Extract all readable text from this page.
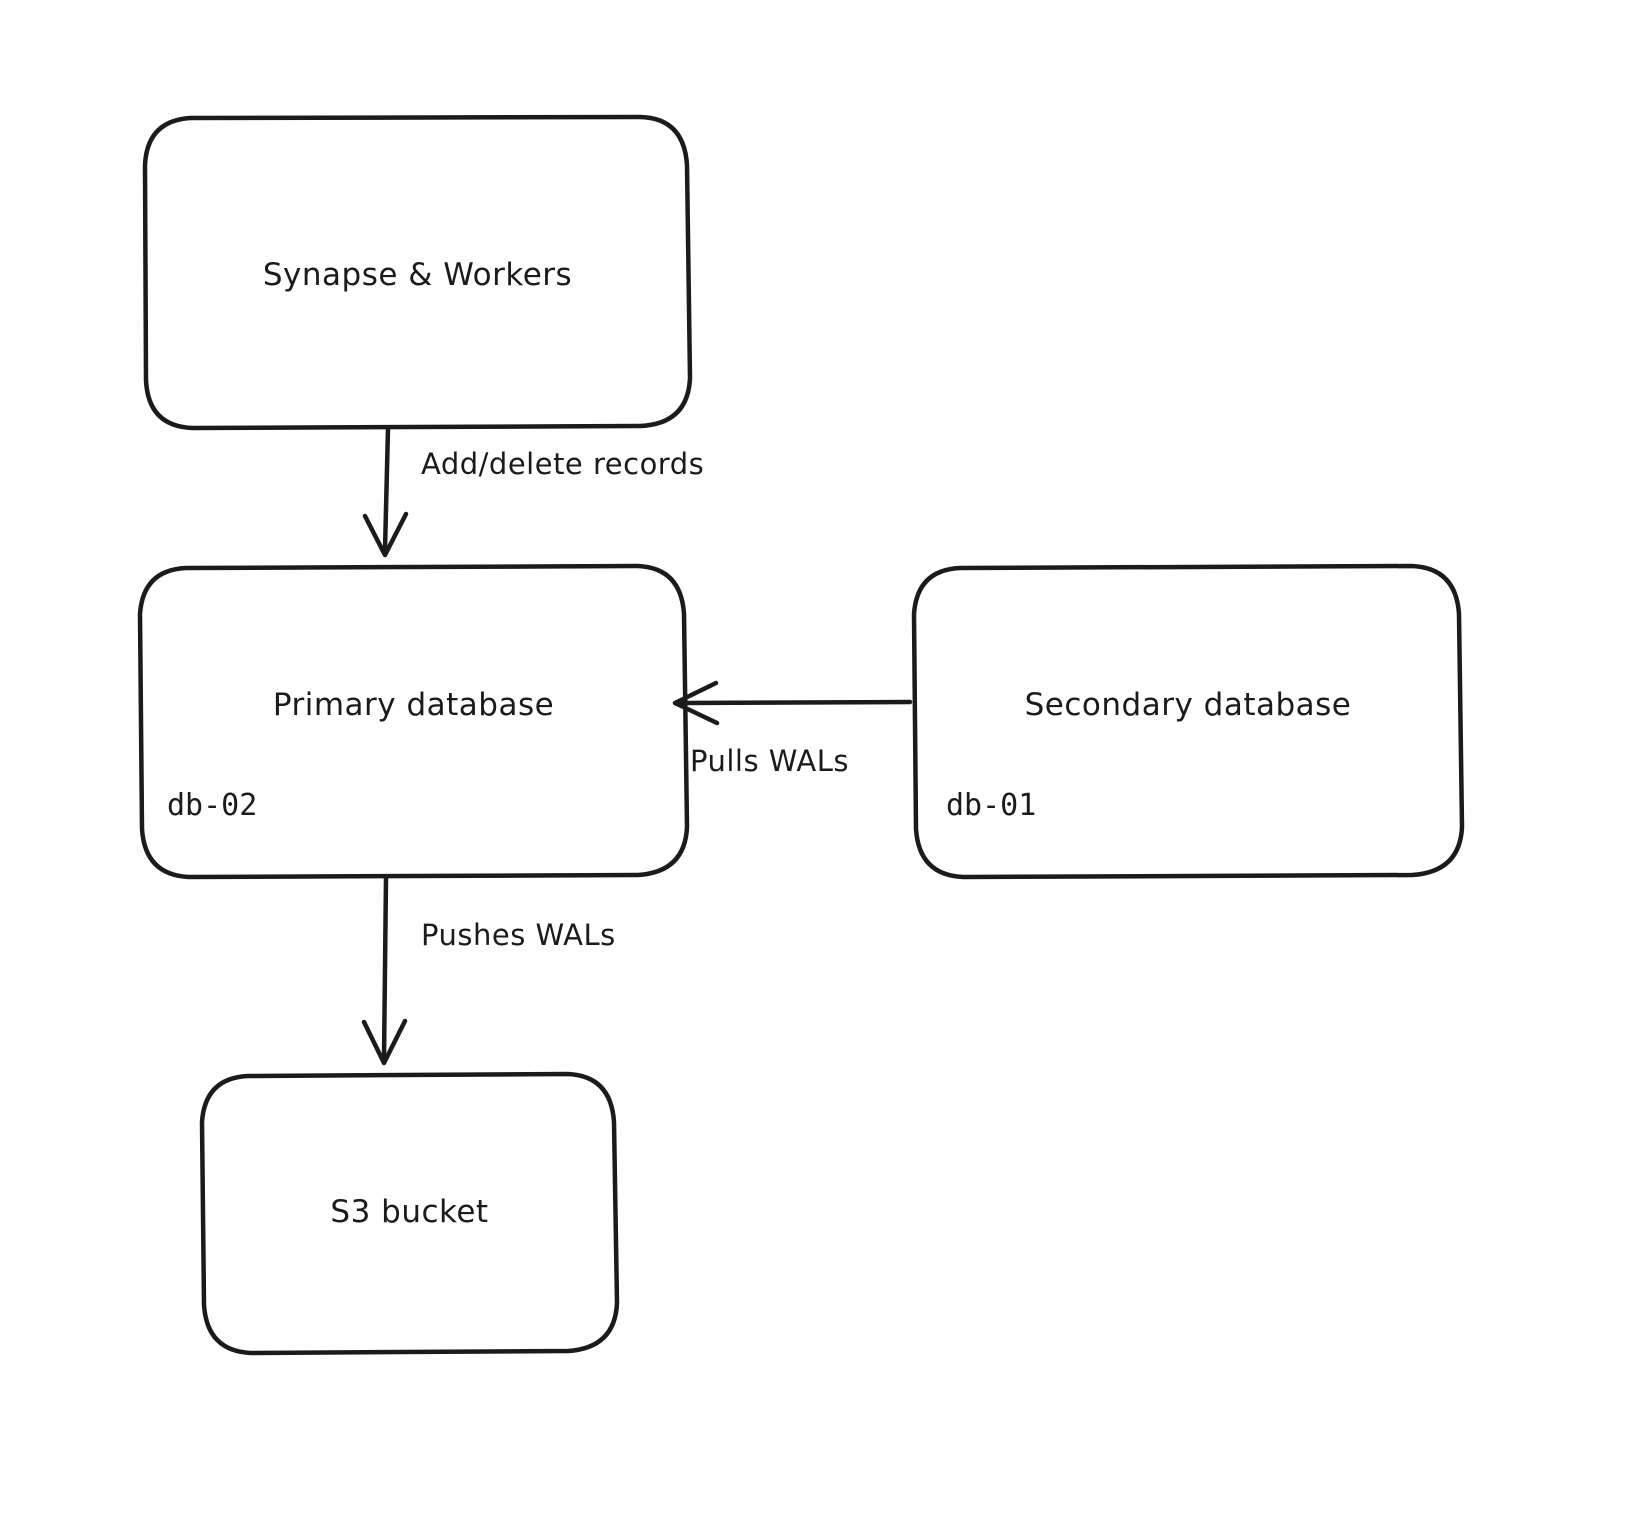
Synapse & Workers
Primary database
db-02
Secondary database
db-01
S3 bucket
Add/delete records
Pulls WALs
Pushes WALs
